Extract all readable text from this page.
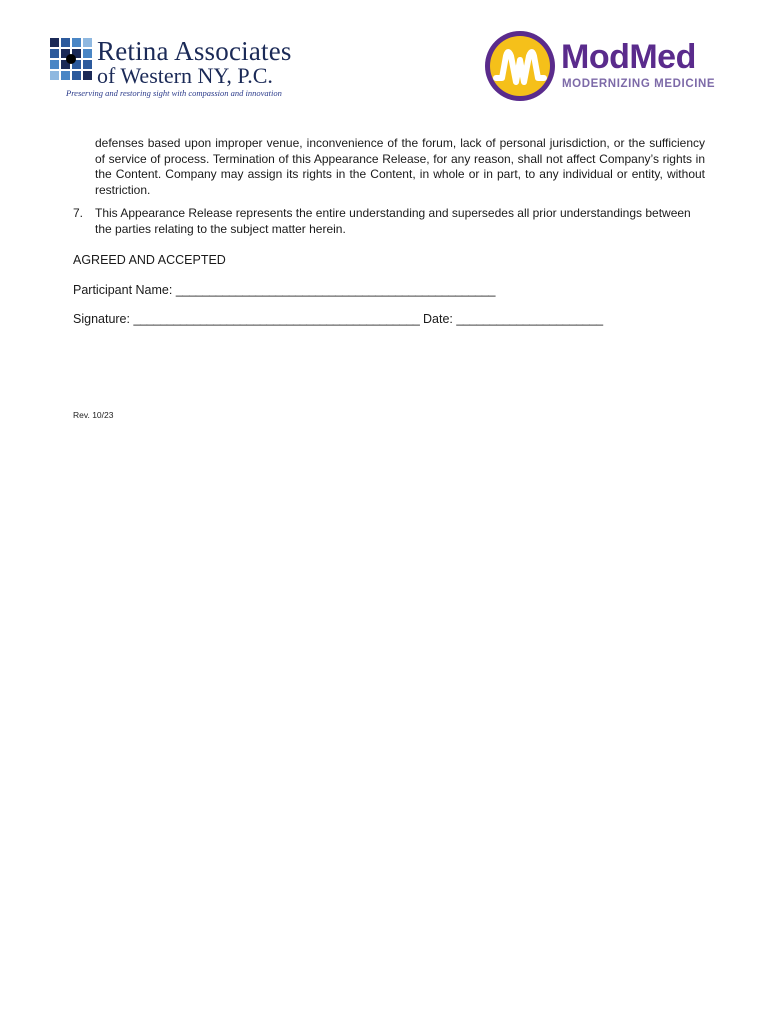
Retina Associates
of Western NY, P.C.
Preserving and restoring sight with compassion and innovation
ModMed
MODERNIZING MEDICINE

defenses based upon improper venue, inconvenience of the forum, lack of personal jurisdiction, or the sufficiency of service of process. Termination of this Appearance Release, for any reason, shall not affect Company’s rights in the Content. Company may assign its rights in the Content, in whole or in part, to any individual or entity, without restriction.

7. This Appearance Release represents the entire understanding and supersedes all prior understandings between the parties relating to the subject matter herein.
AGREED AND ACCEPTED
Participant Name: ________________________________________________
Signature: ___________________________________________ Date: ______________________
Rev. 10/23
